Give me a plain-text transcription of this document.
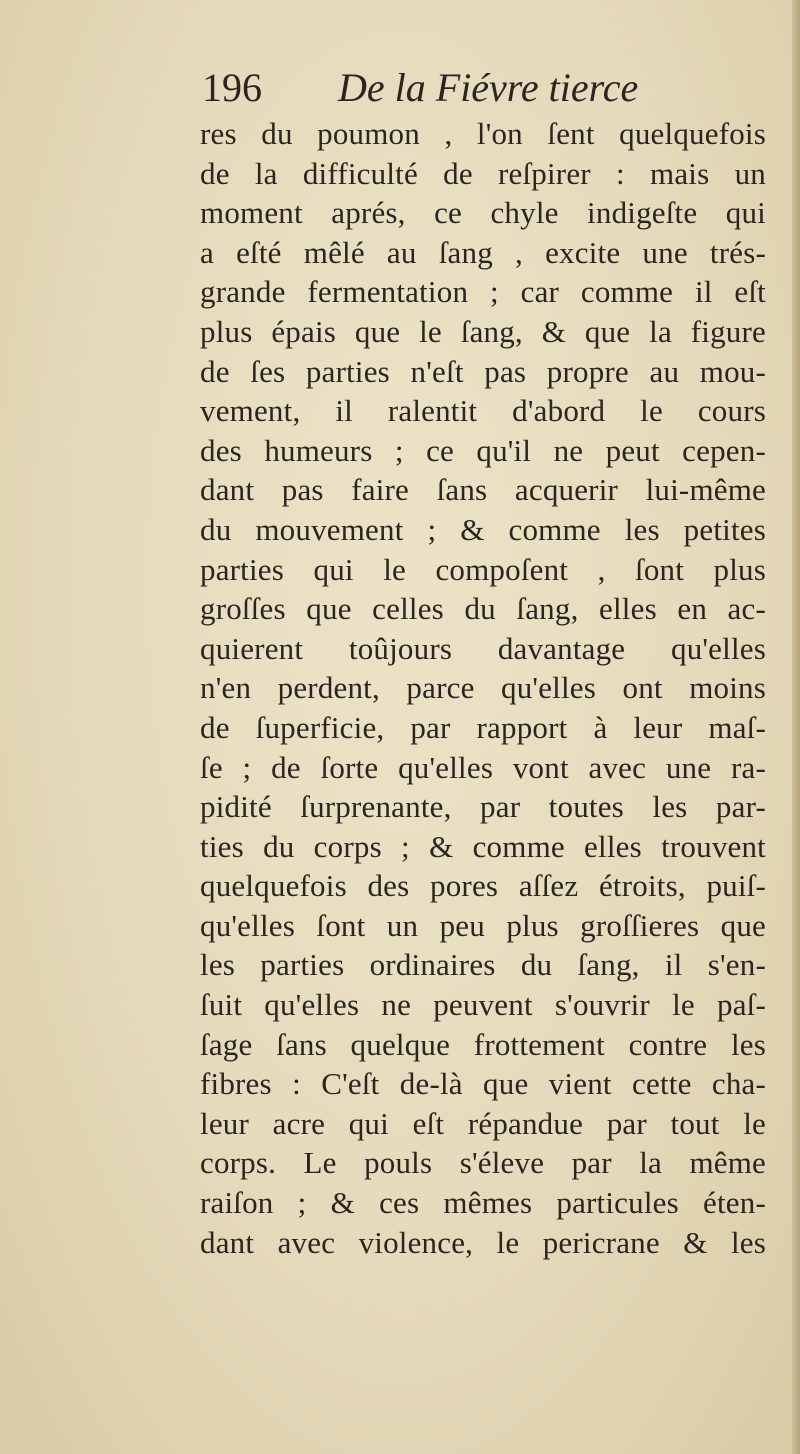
196 De la Fiévre tierce
res du poumon , l'on ſent quelquefois
de la difficulté de reſpirer : mais un
moment aprés, ce chyle indigeſte qui
a eſté mêlé au ſang , excite une trés-
grande fermentation ; car comme il eſt
plus épais que le ſang, & que la figure
de ſes parties n'eſt pas propre au mou-
vement, il ralentit d'abord le cours
des humeurs ; ce qu'il ne peut cepen-
dant pas faire ſans acquerir lui-même
du mouvement ; & comme les petites
parties qui le compoſent , ſont plus
groſſes que celles du ſang, elles en ac-
quierent toûjours davantage qu'elles
n'en perdent, parce qu'elles ont moins
de ſuperficie, par rapport à leur maſ-
ſe ; de ſorte qu'elles vont avec une ra-
pidité ſurprenante, par toutes les par-
ties du corps ; & comme elles trouvent
quelquefois des pores aſſez étroits, puiſ-
qu'elles ſont un peu plus groſſieres que
les parties ordinaires du ſang, il s'en-
ſuit qu'elles ne peuvent s'ouvrir le paſ-
ſage ſans quelque frottement contre les
fibres : C'eſt de-là que vient cette cha-
leur acre qui eſt répandue par tout le
corps. Le pouls s'éleve par la même
raiſon ; & ces mêmes particules éten-
dant avec violence, le pericrane & les
